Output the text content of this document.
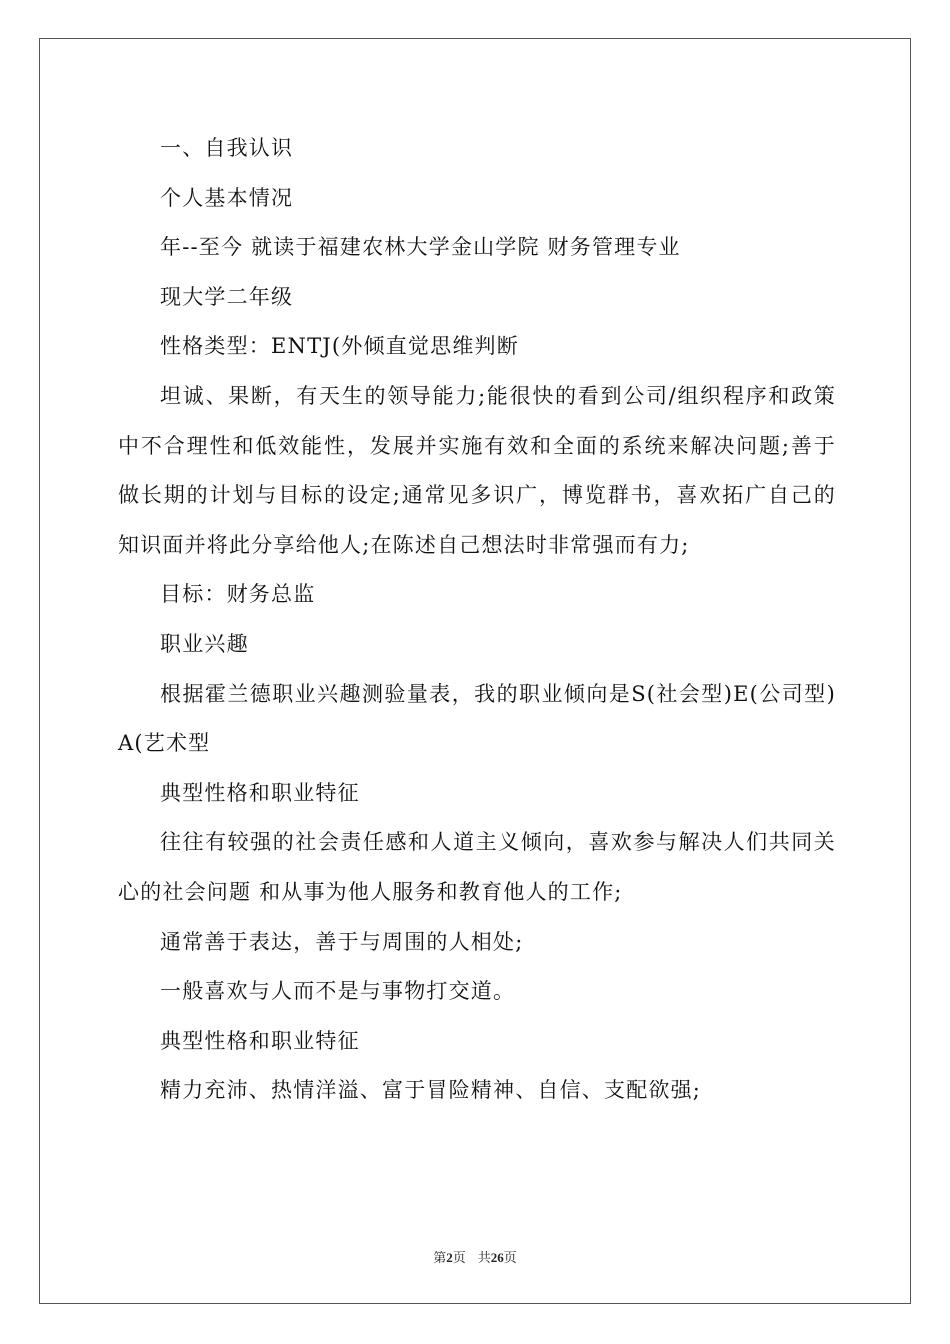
一、自我认识

个人基本情况

年--至今 就读于福建农林大学金山学院 财务管理专业

现大学二年级

性格类型：ENTJ(外倾直觉思维判断

坦诚、果断，有天生的领导能力;能很快的看到公司/组织程序和政策中不合理性和低效能性，发展并实施有效和全面的系统来解决问题;善于做长期的计划与目标的设定;通常见多识广，博览群书，喜欢拓广自己的知识面并将此分享给他人;在陈述自己想法时非常强而有力;

目标：财务总监

职业兴趣

根据霍兰德职业兴趣测验量表，我的职业倾向是S(社会型)E(公司型) A(艺术型

典型性格和职业特征

往往有较强的社会责任感和人道主义倾向，喜欢参与解决人们共同关心的社会问题 和从事为他人服务和教育他人的工作;

通常善于表达，善于与周围的人相处;

一般喜欢与人而不是与事物打交道。

典型性格和职业特征

精力充沛、热情洋溢、富于冒险精神、自信、支配欲强;

第2页 共26页
